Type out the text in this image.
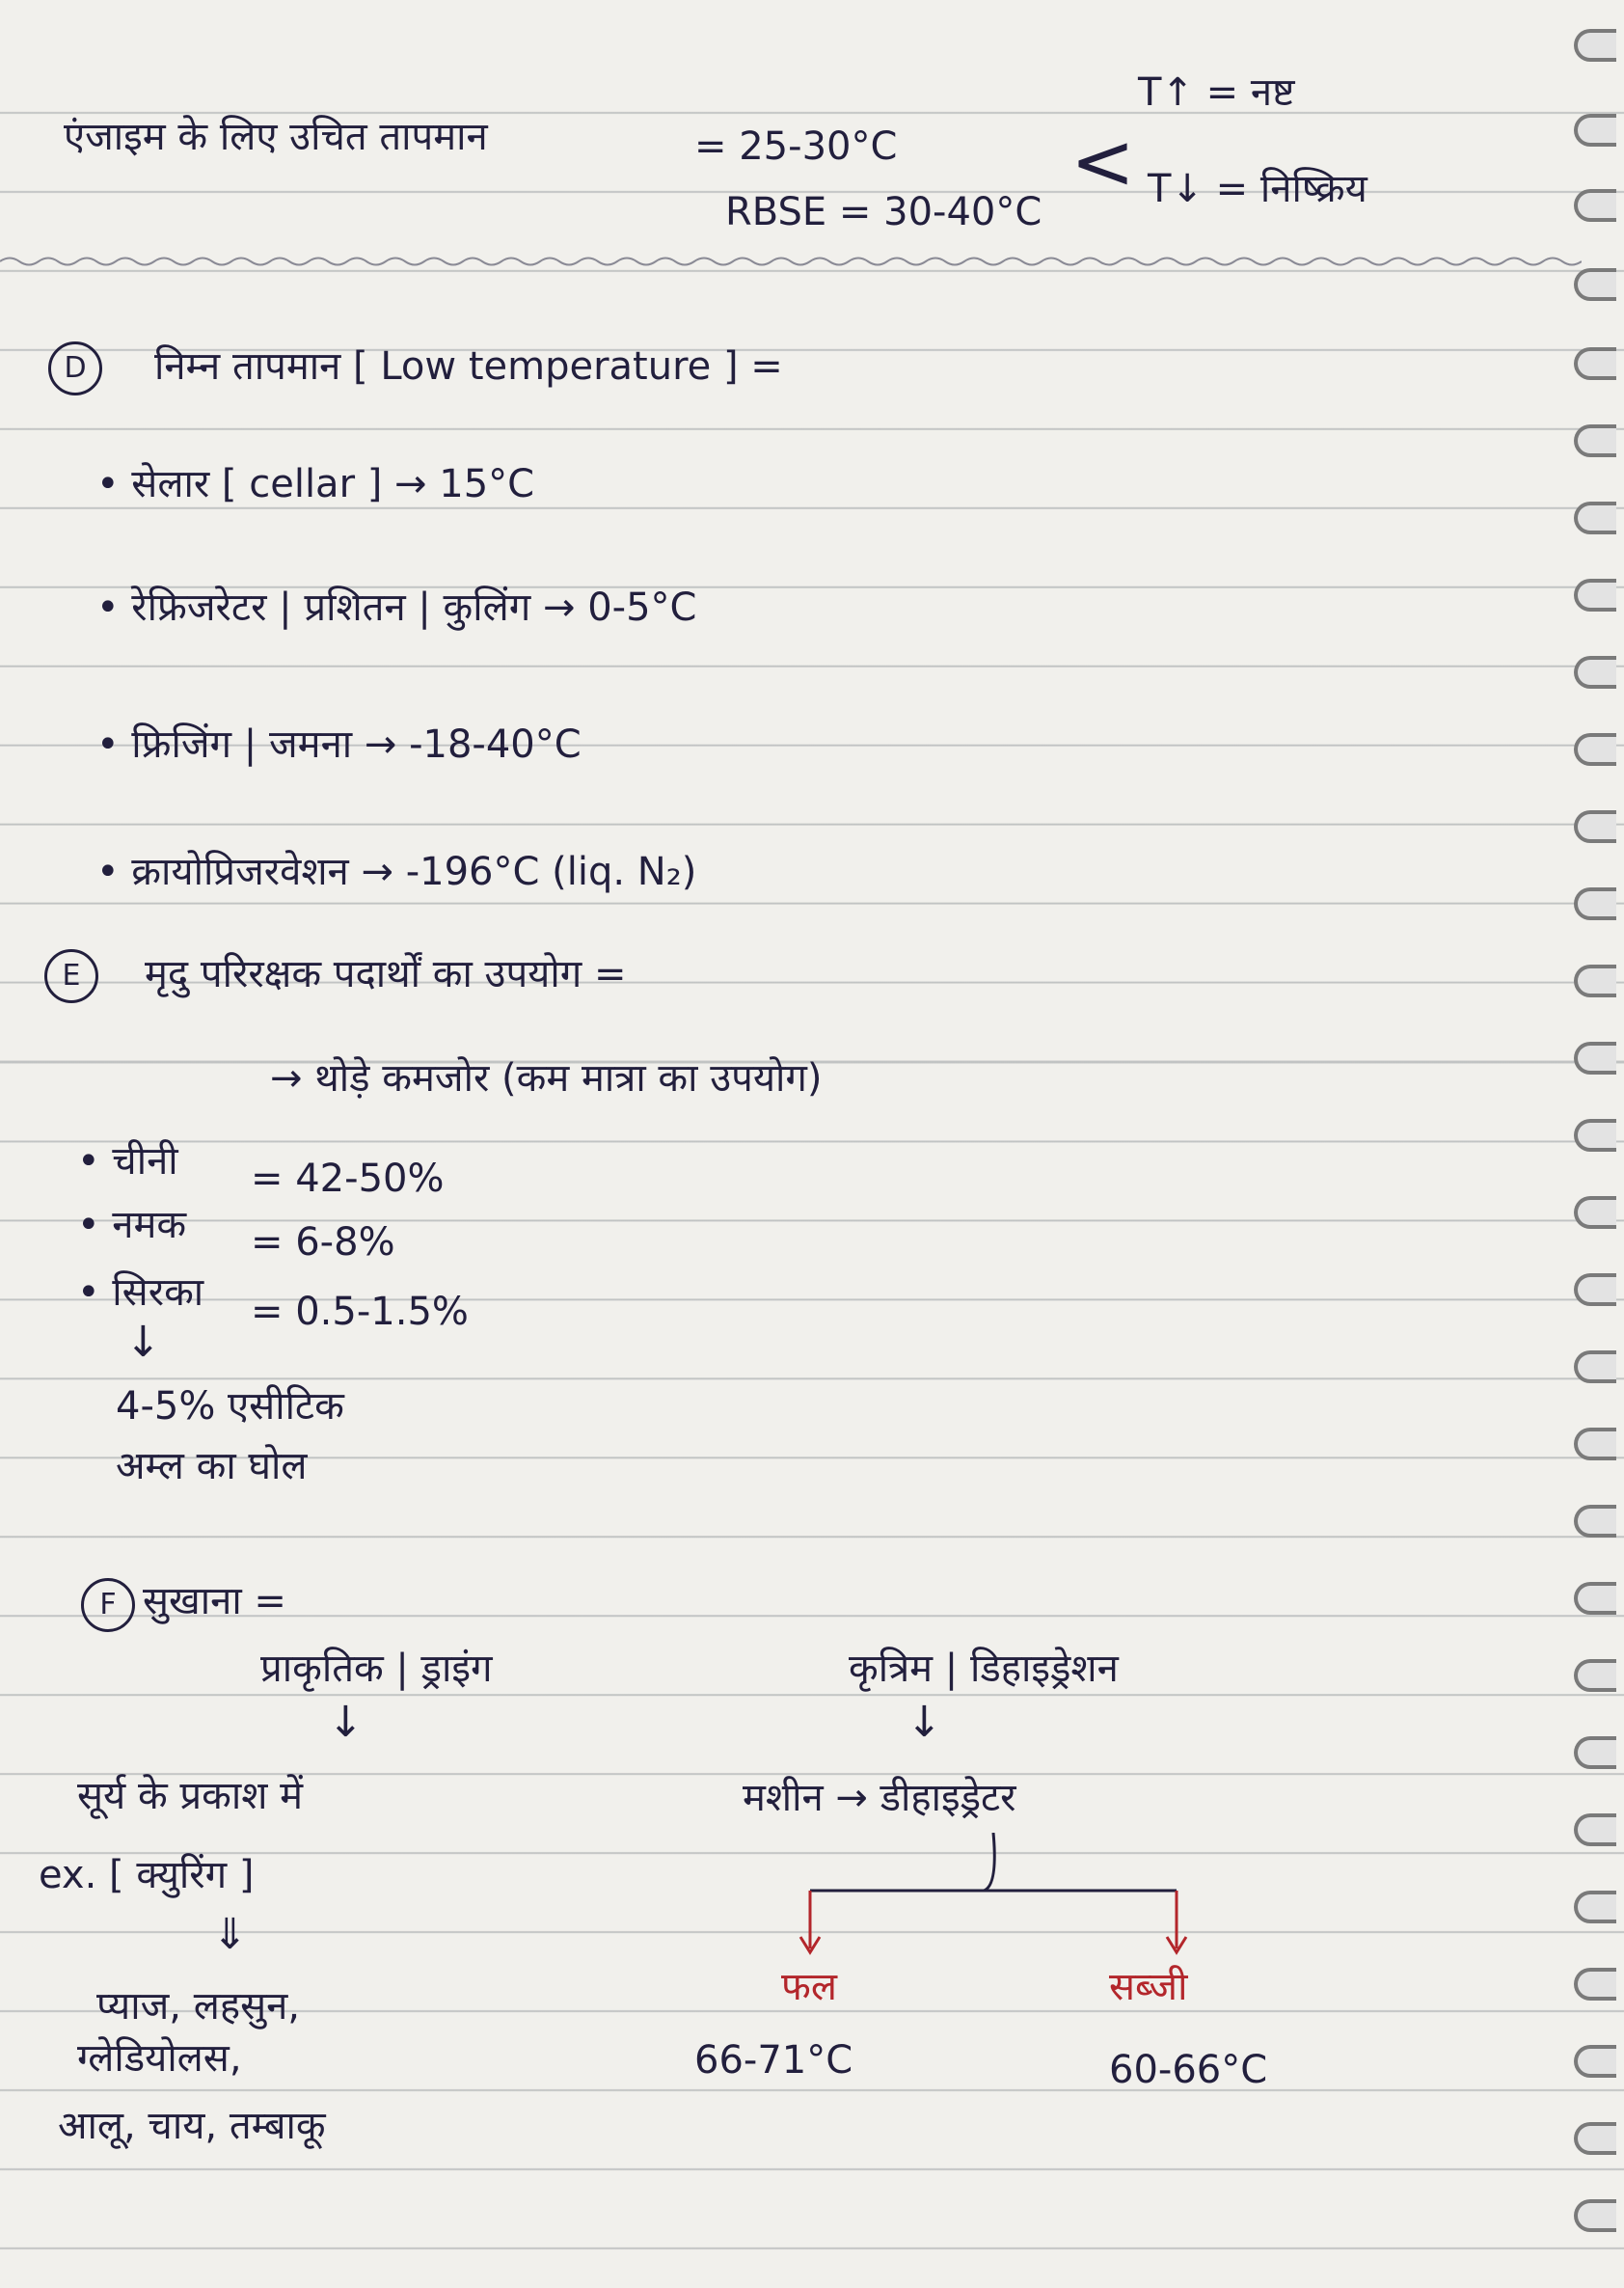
एंजाइम के लिए उचित तापमान	= 25-30°C
RBSE = 30-40°C
<
T↑ = नष्ट
T↓ = निष्क्रिय
D	निम्न तापमान [ Low temperature ] =
• सेलार [ cellar ] → 15°C
• रेफ्रिजरेटर | प्रशितन | कुलिंग → 0-5°C
• फ्रिजिंग | जमना → -18-40°C
• क्रायोप्रिजरवेशन → -196°C (liq. N₂)
E	मृदु परिरक्षक पदार्थों का उपयोग =
→ थोड़े कमजोर (कम मात्रा का उपयोग)
• चीनी = 42-50%
• नमक = 6-8%
• सिरका = 0.5-1.5%
↓
4-5% एसीटिक
अम्ल का घोल
F सुखाना =
प्राकृतिक | ड्राइंग
↓
सूर्य के प्रकाश में
ex. [ क्युरिंग ]
⇓
प्याज, लहसुन,
ग्लेडियोलस,
आलू, चाय, तम्बाकू
कृत्रिम | डिहाइड्रेशन
↓
मशीन → डीहाइड्रेटर
फल	सब्जी
66-71°C	60-66°C
